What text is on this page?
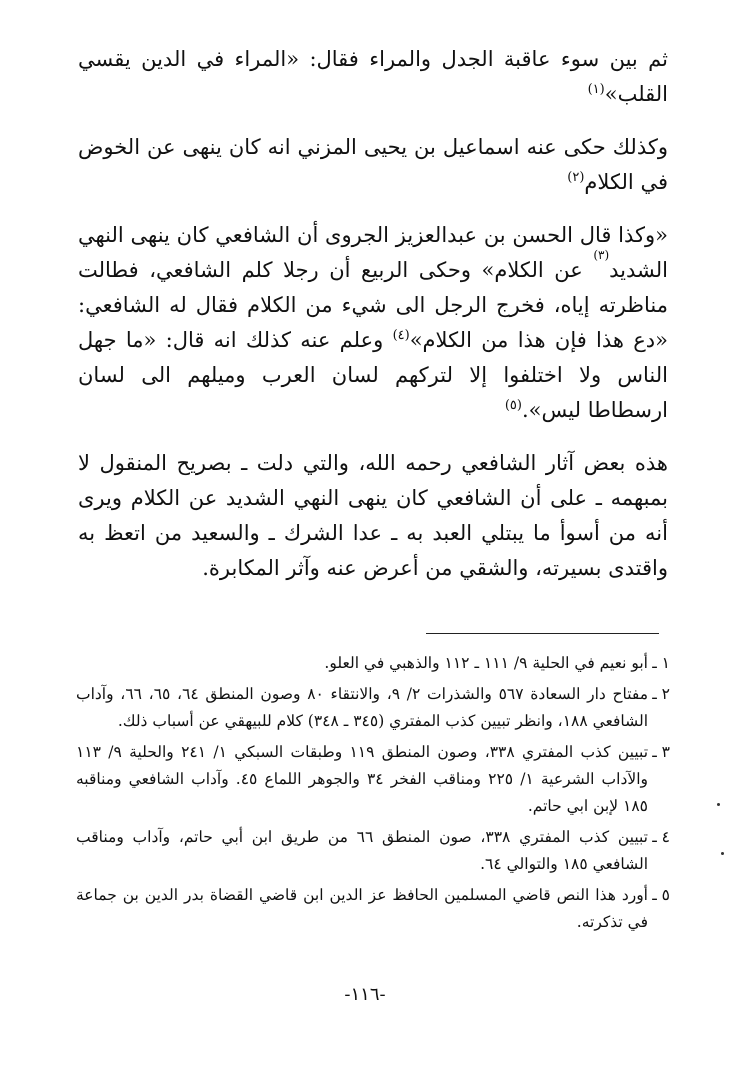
ثم بين سوء عاقبة الجدل والمراء فقال: «المراء في الدين يقسي القلب»$^{(١)}$

وكذلك حكى عنه اسماعيل بن يحيى المزني انه كان ينهى عن الخوض في الكلام$^{(٢)}$

«وكذا قال الحسن بن عبدالعزيز الجروى أن الشافعي كان ينهى النهي الشديد$^{(٣)}$ عن الكلام» وحكى الربيع أن رجلا كلم الشافعي، فطالت مناظرته إياه، فخرج الرجل الى شيء من الكلام فقال له الشافعي: «دع هذا فإن هذا من الكلام»$^{(٤)}$ وعلم عنه كذلك انه قال: «ما جهل الناس ولا اختلفوا إلا لتركهم لسان العرب وميلهم الى لسان ارسطاطا ليس».$^{(٥)}$

هذه بعض آثار الشافعي رحمه الله، والتي دلت ـ بصريح المنقول لا بمبهمه ـ على أن الشافعي كان ينهى النهي الشديد عن الكلام ويرى أنه من أسوأ ما يبتلي العبد به ـ عدا الشرك ـ والسعيد من اتعظ به واقتدى بسيرته، والشقي من أعرض عنه وآثر المكابرة.

١ ـ
أبو نعيم في الحلية ٩/ ١١١ ـ ١١٢ والذهبي في العلو.
٢ ـ
مفتاح دار السعادة ٥٦٧ والشذرات ٢/ ٩، والانتقاء ٨٠ وصون المنطق ٦٤، ٦٥، ٦٦، وآداب الشافعي ١٨٨، وانظر تبيين كذب المفتري (٣٤٥ ـ ٣٤٨) كلام للبيهقي عن أسباب ذلك.
٣ ـ
تبيين كذب المفتري ٣٣٨، وصون المنطق ١١٩ وطبقات السبكي ١/ ٢٤١ والحلية ٩/ ١١٣ والآداب الشرعية ١/ ٢٢٥ ومناقب الفخر ٣٤ والجوهر اللماع ٤٥. وآداب الشافعي ومناقبه ١٨٥ لإبن ابي حاتم.
٤ ـ
تبيين كذب المفتري ٣٣٨، صون المنطق ٦٦ من طريق ابن أبي حاتم، وآداب ومناقب الشافعي ١٨٥ والتوالي ٦٤.
٥ ـ
أورد هذا النص قاضي المسلمين الحافظ عز الدين ابن قاضي القضاة بدر الدين بن جماعة في تذكرته.
-١١٦-
